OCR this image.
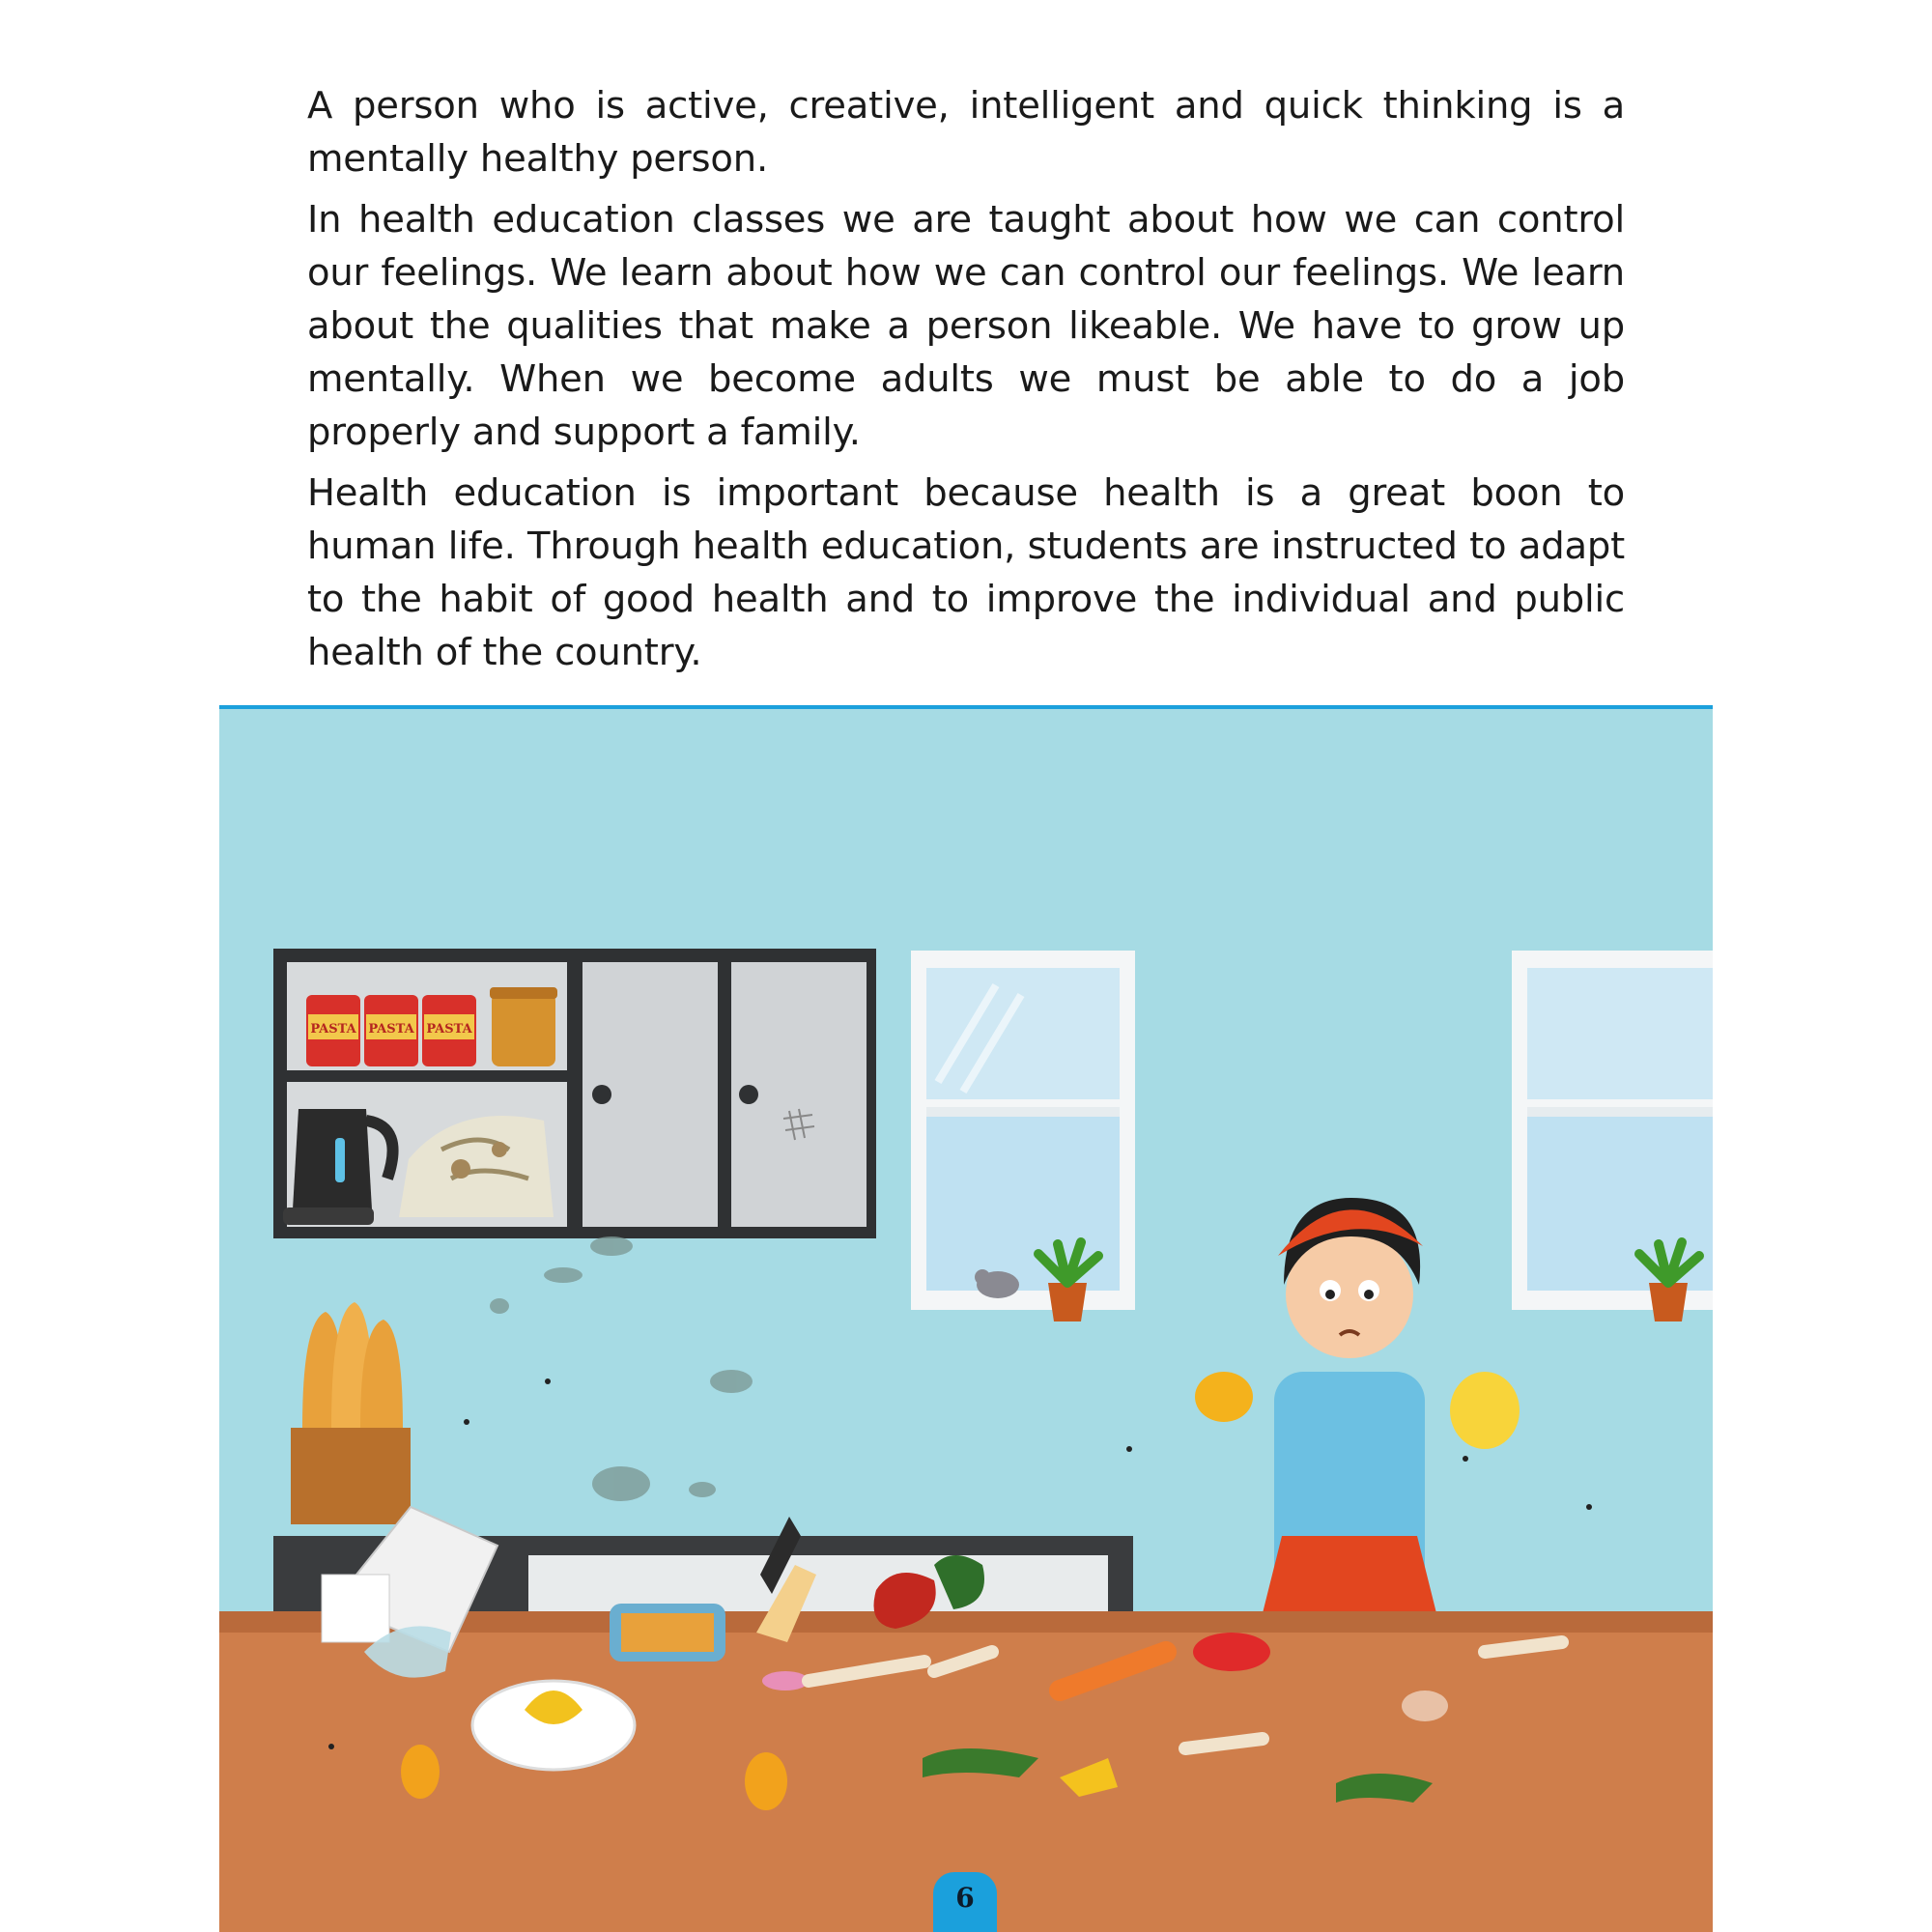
A person who is active, creative, intelligent and quick thinking is a mentally healthy person.

In health education classes we are taught about how we can control our feelings. We learn about how we can control our feelings. We learn about the qualities that make a person likeable. We have to grow up mentally. When we become adults we must be able to do a job properly and support a family.

Health education is important because health is a great boon to human life. Through health education, students are instructed to adapt to the habit of good health and to improve the individual and public health of the country.

PASTA PASTA PASTA
6
